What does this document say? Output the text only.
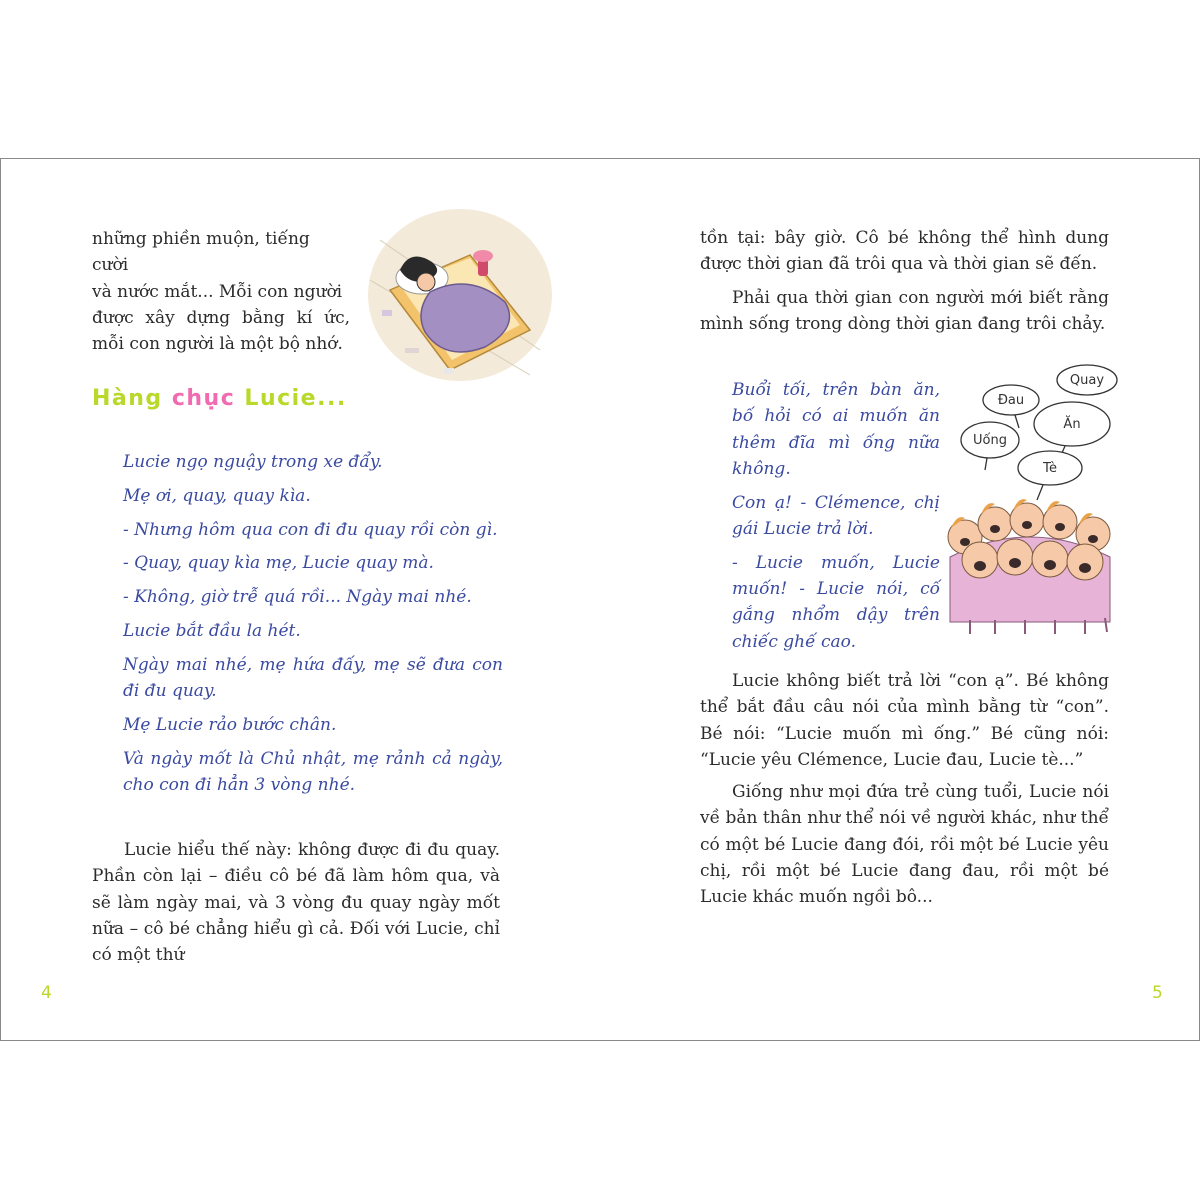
những phiền muộn, tiếng cười
và nước mắt... Mỗi con người
được xây dựng bằng kí ức,
mỗi con người là một bộ nhớ.
Hàng chục Lucie...

Lucie ngọ nguậy trong xe đẩy.

Mẹ ơi, quay, quay kìa.

- Nhưng hôm qua con đi đu quay rồi còn gì.

- Quay, quay kìa mẹ, Lucie quay mà.

- Không, giờ trễ quá rồi... Ngày mai nhé.

Lucie bắt đầu la hét.

Ngày mai nhé, mẹ hứa đấy, mẹ sẽ đưa con đi đu quay.

Mẹ Lucie rảo bước chân.

Và ngày mốt là Chủ nhật, mẹ rảnh cả ngày, cho con đi hẳn 3 vòng nhé.

Lucie hiểu thế này: không được đi đu quay. Phần còn lại – điều cô bé đã làm hôm qua, và sẽ làm ngày mai, và 3 vòng đu quay ngày mốt nữa – cô bé chẳng hiểu gì cả. Đối với Lucie, chỉ có một thứ
4
tồn tại: bây giờ. Cô bé không thể hình dung được thời gian đã trôi qua và thời gian sẽ đến.
Phải qua thời gian con người mới biết rằng mình sống trong dòng thời gian đang trôi chảy.

Buổi tối, trên bàn ăn, bố hỏi có ai muốn ăn thêm đĩa mì ống nữa không.

Con ạ! - Clémence, chị gái Lucie trả lời.

- Lucie muốn, Lucie muốn! - Lucie nói, cố gắng nhổm dậy trên chiếc ghế cao.

Quay
Đau
Ăn
Uống
Tè
Lucie không biết trả lời “con ạ”. Bé không thể bắt đầu câu nói của mình bằng từ “con”. Bé nói: “Lucie muốn mì ống.” Bé cũng nói: “Lucie yêu Clémence, Lucie đau, Lucie tè...”
Giống như mọi đứa trẻ cùng tuổi, Lucie nói về bản thân như thể nói về người khác, như thể có một bé Lucie đang đói, rồi một bé Lucie yêu chị, rồi một bé Lucie đang đau, rồi một bé Lucie khác muốn ngồi bô...
5
